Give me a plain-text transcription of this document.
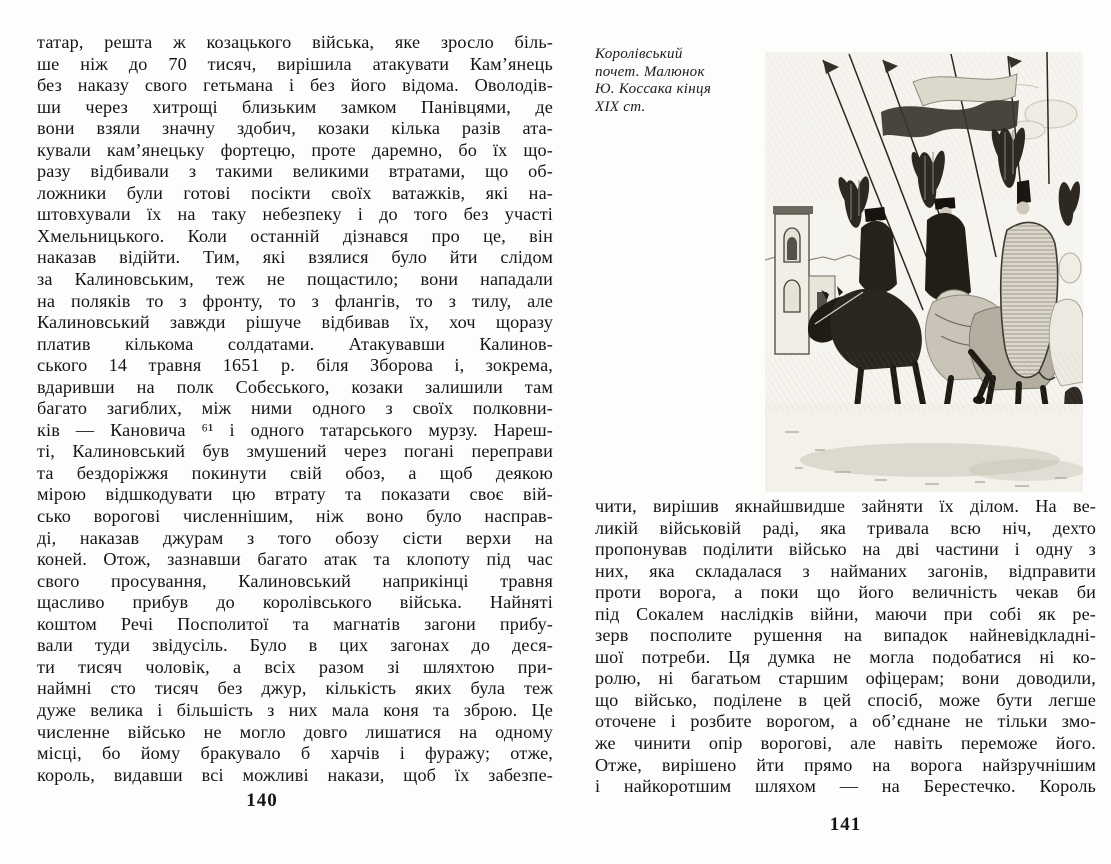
татар, решта ж козацького війська, яке зросло біль-
ше ніж до 70 тисяч, вирішила атакувати Кам’янець
без наказу свого гетьмана і без його відома. Оволодів-
ши через хитрощі близьким замком Панівцями, де
вони взяли значну здобич, козаки кілька разів ата-
кували кам’янецьку фортецю, проте даремно, бо їх що-
разу відбивали з такими великими втратами, що об-
ложники були готові посікти своїх ватажків, які на-
штовхували їх на таку небезпеку і до того без участі
Хмельницького. Коли останній дізнався про це, він
наказав відійти. Тим, які взялися було йти слідом
за Калиновським, теж не пощастило; вони нападали
на поляків то з фронту, то з флангів, то з тилу, але
Калиновський завжди рішуче відбивав їх, хоч щоразу
платив кількома солдатами. Атакувавши Калинов-
ського 14 травня 1651 р. біля Зборова і, зокрема,
вдаривши на полк Собєського, козаки залишили там
багато загиблих, між ними одного з своїх полковни-
ків — Кановича ⁶¹ і одного татарського мурзу. Нареш-
ті, Калиновський був змушений через погані переправи
та бездоріжжя покинути свій обоз, а щоб деякою
мірою відшкодувати цю втрату та показати своє вій-
сько ворогові численнішим, ніж воно було насправ-
ді, наказав джурам з того обозу сісти верхи на
коней. Отож, зазнавши багато атак та клопоту під час
свого просування, Калиновський наприкінці травня
щасливо прибув до королівського війська. Найняті
коштом Речі Посполитої та магнатів загони прибу-
вали туди звідусіль. Було в цих загонах до деся-
ти тисяч чоловік, а всіх разом зі шляхтою при-
наймні сто тисяч без джур, кількість яких була теж
дуже велика і більшість з них мала коня та зброю. Це
численне військо не могло довго лишатися на одному
місці, бо йому бракувало б харчів і фуражу; отже,
король, видавши всі можливі накази, щоб їх забезпе-
140
Королівський
почет. Малюнок
Ю. Коссака кінця
XIX ст.
чити, вирішив якнайшвидше зайняти їх ділом. На ве-
ликій військовій раді, яка тривала всю ніч, дехто
пропонував поділити військо на дві частини і одну з
них, яка складалася з найманих загонів, відправити
проти ворога, а поки що його величність чекав би
під Сокалем наслідків війни, маючи при собі як ре-
зерв посполите рушення на випадок найневідкладні-
шої потреби. Ця думка не могла подобатися ні ко-
ролю, ні багатьом старшим офіцерам; вони доводили,
що військо, поділене в цей спосіб, може бути легше
оточене і розбите ворогом, а об’єднане не тільки змо-
же чинити опір ворогові, але навіть переможе його.
Отже, вирішено йти прямо на ворога найзручнішим
і найкоротшим шляхом — на Берестечко. Король
141
